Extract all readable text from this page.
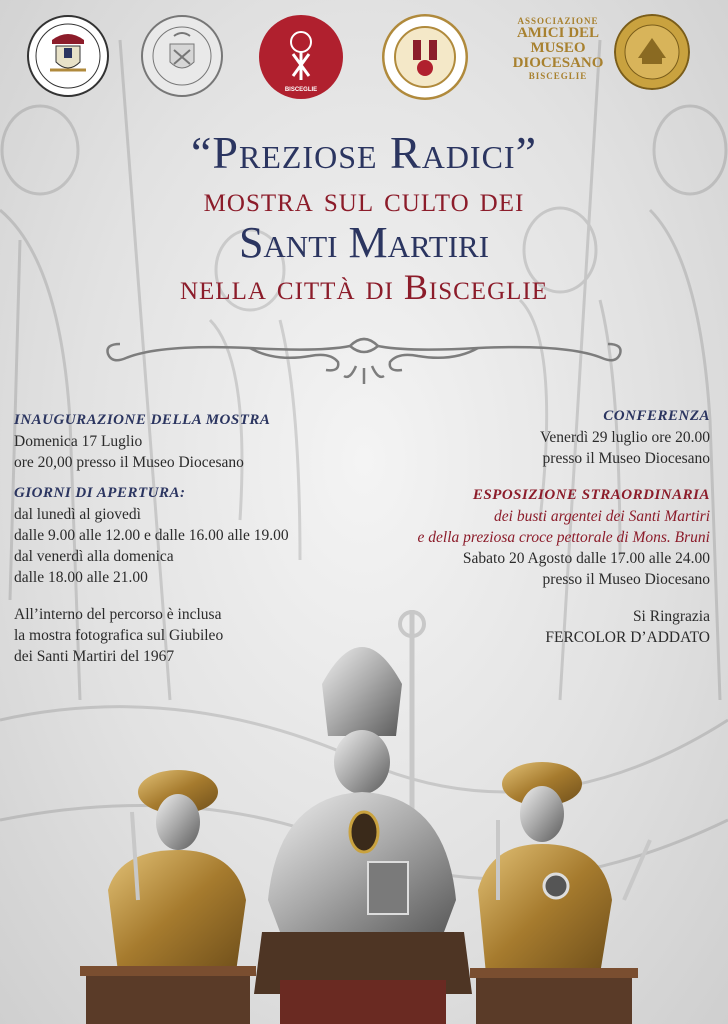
BISCEGLIE
ASSOCIAZIONE
AMICI DEL
MUSEO
DIOCESANO
BISCEGLIE
“Preziose Radici”
mostra sul culto dei
Santi Martiri
nella città di Bisceglie
INAUGURAZIONE DELLA MOSTRA
Domenica 17 Luglio
ore 20,00 presso il Museo Diocesano
GIORNI DI APERTURA:
dal lunedì al giovedì
dalle 9.00 alle 12.00 e dalle 16.00 alle 19.00
dal venerdì alla domenica
dalle 18.00 alle 21.00
All’interno del percorso è inclusa
la mostra fotografica sul Giubileo
dei Santi Martiri del 1967
CONFERENZA
Venerdì 29 luglio ore 20.00
presso il Museo Diocesano
ESPOSIZIONE STRAORDINARIA
dei busti argentei dei Santi Martiri
e della preziosa croce pettorale di Mons. Bruni
Sabato 20 Agosto dalle 17.00 alle 24.00
presso il Museo Diocesano
Si Ringrazia
FERCOLOR D’ADDATO
